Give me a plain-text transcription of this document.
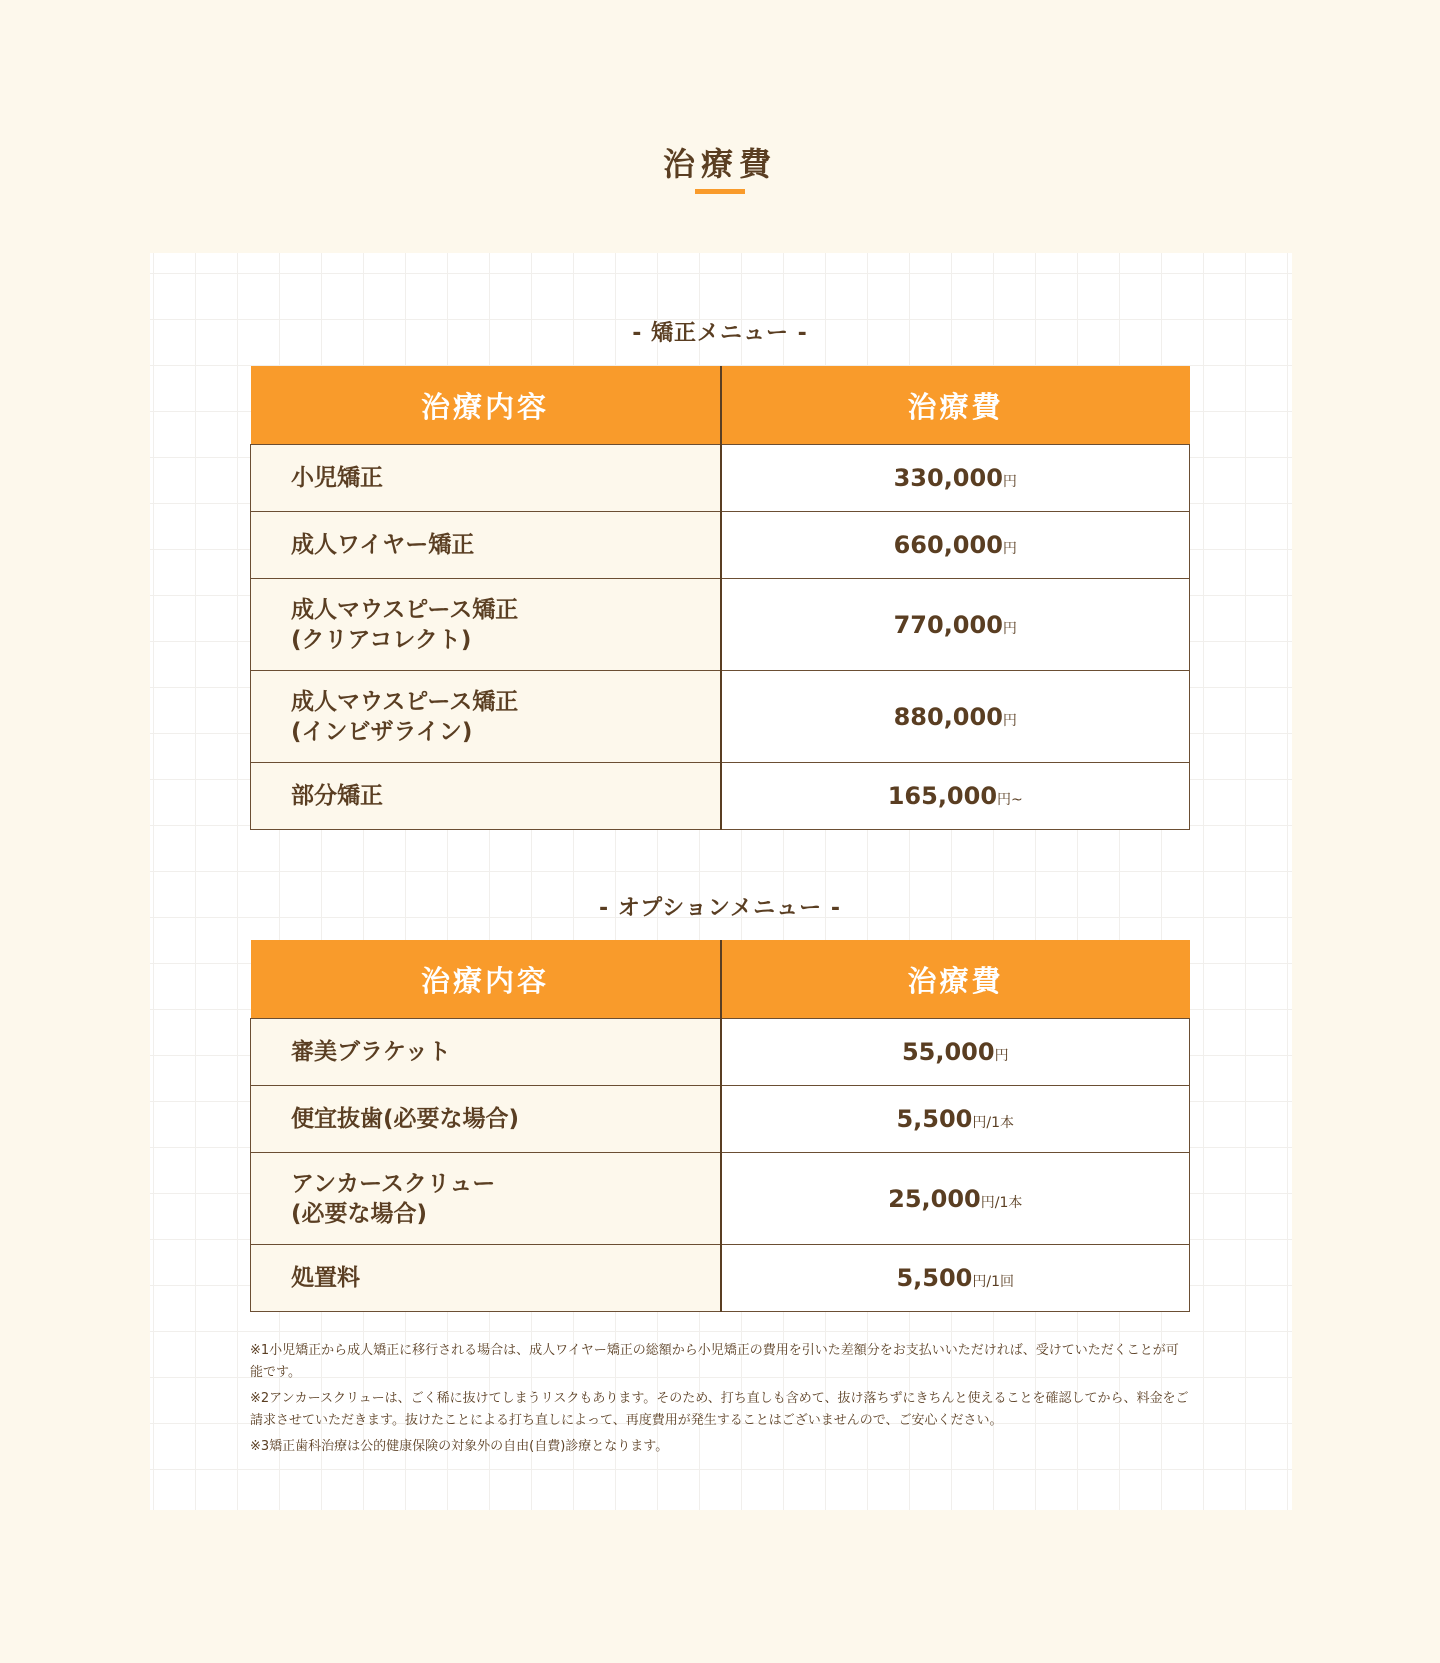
治療費
- 矯正メニュー -
治療内容	治療費
小児矯正	330,000円
成人ワイヤー矯正	660,000円
成人マウスピース矯正
(クリアコレクト)	770,000円
成人マウスピース矯正
(インビザライン)	880,000円
部分矯正	165,000円~
- オプションメニュー -
治療内容	治療費
審美ブラケット	55,000円
便宜抜歯(必要な場合)	5,500円/1本
アンカースクリュー
(必要な場合)	25,000円/1本
処置料	5,500円/1回

※1小児矯正から成人矯正に移行される場合は、成人ワイヤー矯正の総額から小児矯正の費用を引いた差額分をお支払いいただければ、受けていただくことが可能です。

※2アンカースクリューは、ごく稀に抜けてしまうリスクもあります。そのため、打ち直しも含めて、抜け落ちずにきちんと使えることを確認してから、料金をご請求させていただきます。抜けたことによる打ち直しによって、再度費用が発生することはございませんので、ご安心ください。

※3矯正歯科治療は公的健康保険の対象外の自由(自費)診療となります。
